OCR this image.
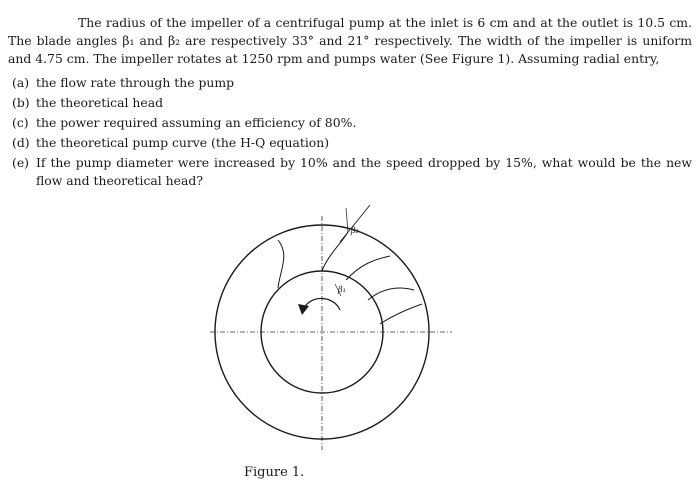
The radius of the impeller of a centrifugal pump at the inlet is 6 cm and at the outlet is 10.5 cm. The blade angles β₁ and β₂ are respectively 33° and 21° respectively. The width of the impeller is uniform and 4.75 cm. The impeller rotates at 1250 rpm and pumps water (See Figure 1). Assuming radial entry,

(a) the flow rate through the pump
(b) the theoretical head
(c) the power required assuming an efficiency of 80%.
(d) the theoretical pump curve (the H-Q equation)
(e) If the pump diameter were increased by 10% and the speed dropped by 15%, what would be the new flow and theoretical head?
β₂
β₁
Figure 1.
